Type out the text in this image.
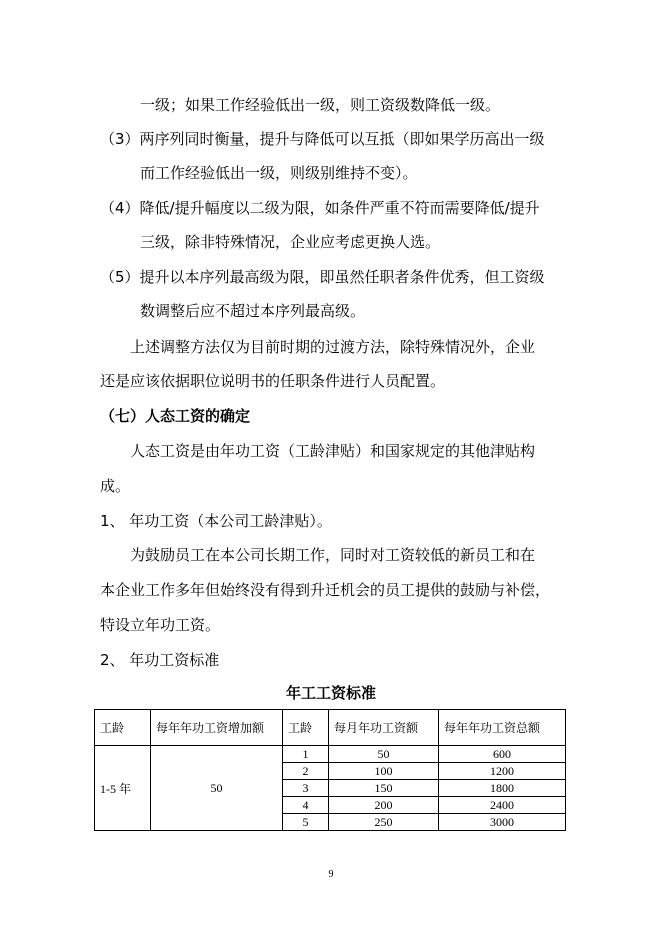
一级；如果工作经验低出一级，则工资级数降低一级。
（3）两序列同时衡量，提升与降低可以互抵（即如果学历高出一级
而工作经验低出一级，则级别维持不变）。
（4）降低/提升幅度以二级为限，如条件严重不符而需要降低/提升
三级，除非特殊情况，企业应考虑更换人选。
（5）提升以本序列最高级为限，即虽然任职者条件优秀，但工资级
数调整后应不超过本序列最高级。
上述调整方法仅为目前时期的过渡方法，除特殊情况外，企业
还是应该依据职位说明书的任职条件进行人员配置。
（七）人态工资的确定
人态工资是由年功工资（工龄津贴）和国家规定的其他津贴构
成。
1、 年功工资（本公司工龄津贴）。
为鼓励员工在本公司长期工作，同时对工资较低的新员工和在
本企业工作多年但始终没有得到升迁机会的员工提供的鼓励与补偿，
特设立年功工资。
2、 年功工资标准
年工工资标准
工龄	每年年功工资增加额	工龄	每月年功工资额	每年年功工资总额
1-5 年	50	1	50	600
		2	100	1200
		3	150	1800
		4	200	2400
		5	250	3000
9
